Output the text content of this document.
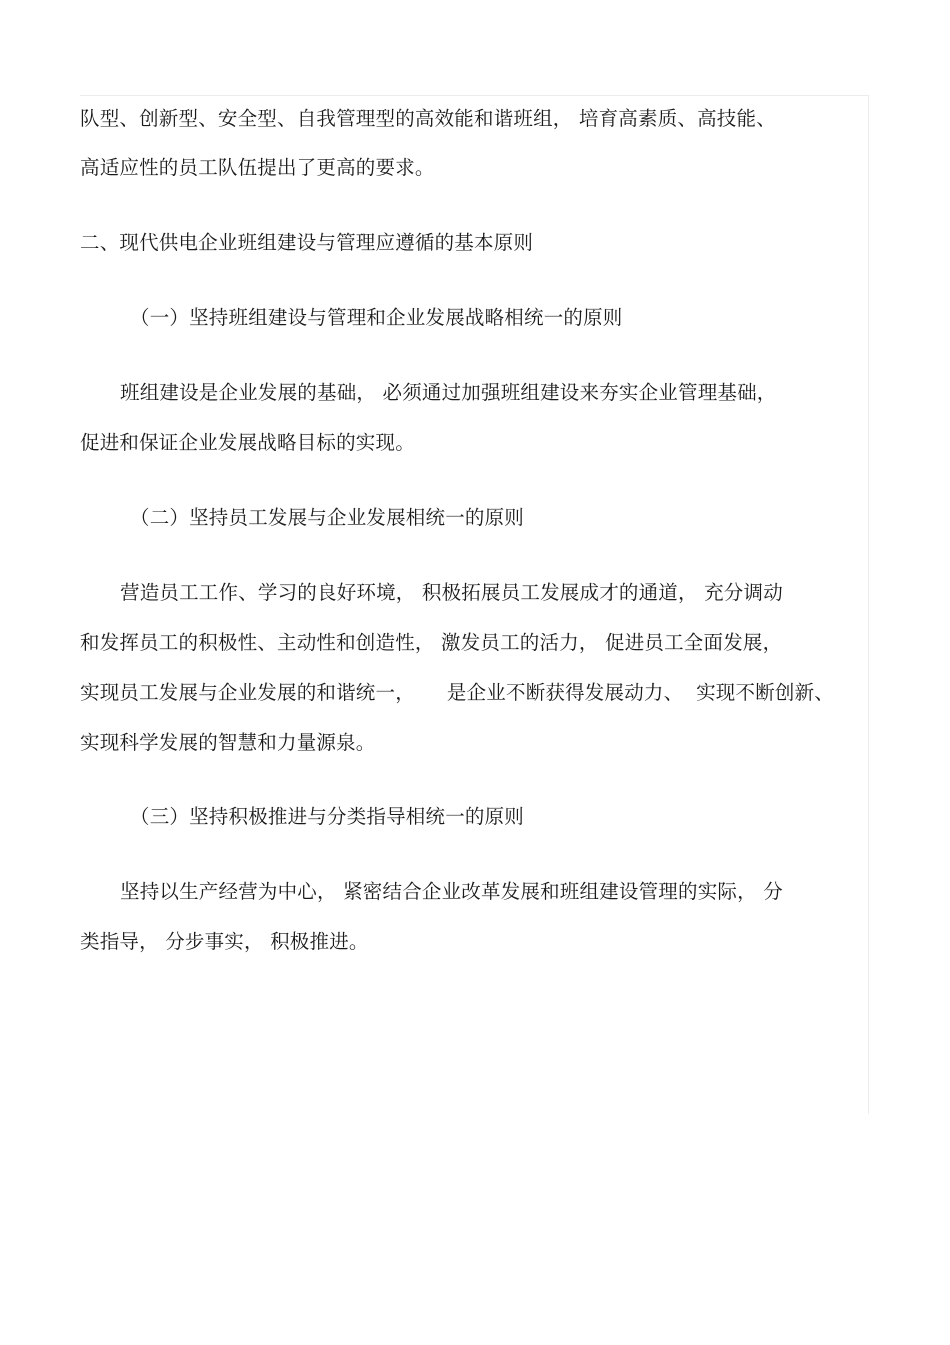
队型、创新型、安全型、自我管理型的高效能和谐班组， 培育高素质、高技能、
高适应性的员工队伍提出了更高的要求。
二、现代供电企业班组建设与管理应遵循的基本原则
（一）坚持班组建设与管理和企业发展战略相统一的原则
班组建设是企业发展的基础， 必须通过加强班组建设来夯实企业管理基础，
促进和保证企业发展战略目标的实现。
（二）坚持员工发展与企业发展相统一的原则
营造员工工作、学习的良好环境， 积极拓展员工发展成才的通道， 充分调动
和发挥员工的积极性、主动性和创造性， 激发员工的活力， 促进员工全面发展，
实现员工发展与企业发展的和谐统一，     是企业不断获得发展动力、  实现不断创新、
实现科学发展的智慧和力量源泉。
（三）坚持积极推进与分类指导相统一的原则
坚持以生产经营为中心， 紧密结合企业改革发展和班组建设管理的实际， 分
类指导， 分步事实， 积极推进。
